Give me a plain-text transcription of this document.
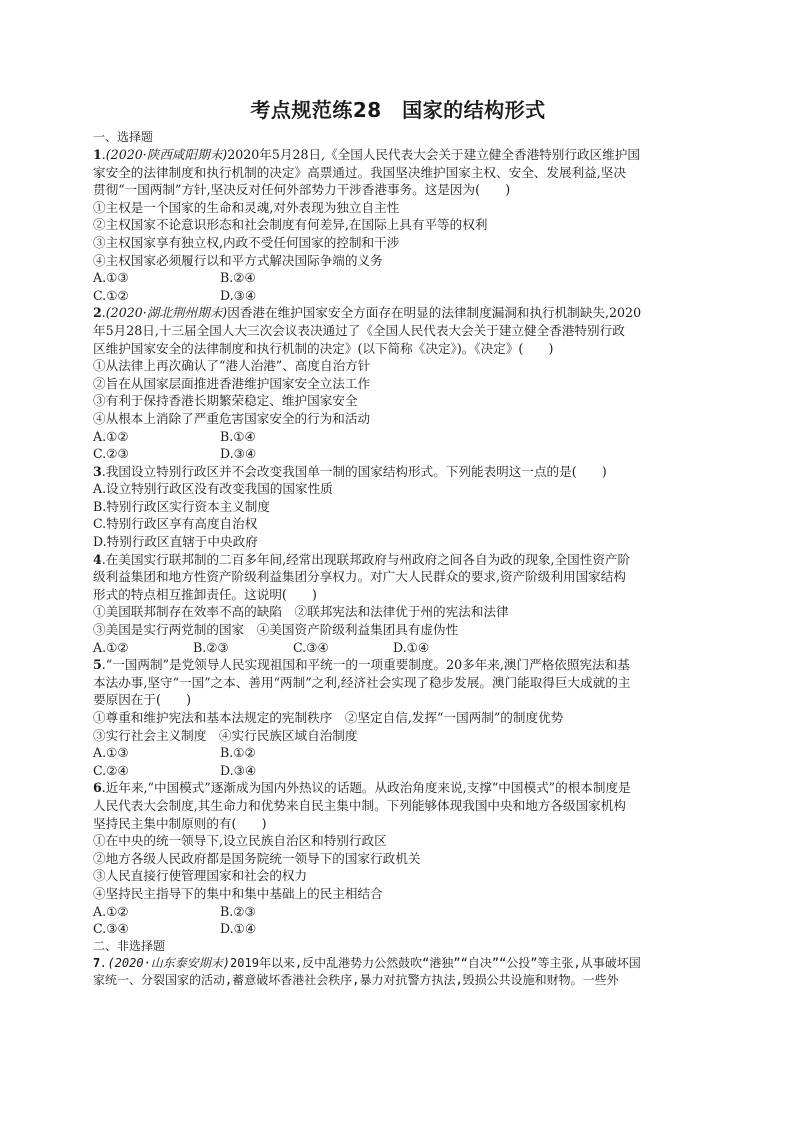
考点规范练28　国家的结构形式
一、选择题
1.(2020·陕西咸阳期末)2020年5月28日,《全国人民代表大会关于建立健全香港特别行政区维护国
家安全的法律制度和执行机制的决定》高票通过。我国坚决维护国家主权、安全、发展利益,坚决
贯彻“一国两制”方针,坚决反对任何外部势力干涉香港事务。这是因为(　　)
①主权是一个国家的生命和灵魂,对外表现为独立自主性
②主权国家不论意识形态和社会制度有何差异,在国际上具有平等的权利
③主权国家享有独立权,内政不受任何国家的控制和干涉
④主权国家必须履行以和平方式解决国际争端的义务
A.①③	B.②④
C.①②	D.③④
2.(2020·湖北荆州期末)因香港在维护国家安全方面存在明显的法律制度漏洞和执行机制缺失,2020
年5月28日,十三届全国人大三次会议表决通过了《全国人民代表大会关于建立健全香港特别行政
区维护国家安全的法律制度和执行机制的决定》(以下简称《决定》)。《决定》(　　)
①从法律上再次确认了“港人治港”、高度自治方针
②旨在从国家层面推进香港维护国家安全立法工作
③有利于保持香港长期繁荣稳定、维护国家安全
④从根本上消除了严重危害国家安全的行为和活动
A.①②	B.①④
C.②③	D.③④
3.我国设立特别行政区并不会改变我国单一制的国家结构形式。下列能表明这一点的是(　　)
A.设立特别行政区没有改变我国的国家性质
B.特别行政区实行资本主义制度
C.特别行政区享有高度自治权
D.特别行政区直辖于中央政府
4.在美国实行联邦制的二百多年间,经常出现联邦政府与州政府之间各自为政的现象,全国性资产阶
级利益集团和地方性资产阶级利益集团分享权力。对广大人民群众的要求,资产阶级利用国家结构
形式的特点相互推卸责任。这说明(　　)
①美国联邦制存在效率不高的缺陷　②联邦宪法和法律优于州的宪法和法律
③美国是实行两党制的国家　④美国资产阶级利益集团具有虚伪性
A.①②	B.②③	C.③④	D.①④
5.“一国两制”是党领导人民实现祖国和平统一的一项重要制度。20多年来,澳门严格依照宪法和基
本法办事,坚守“一国”之本、善用“两制”之利,经济社会实现了稳步发展。澳门能取得巨大成就的主
要原因在于(　　)
①尊重和维护宪法和基本法规定的宪制秩序　②坚定自信,发挥“一国两制”的制度优势
③实行社会主义制度　④实行民族区域自治制度
A.①③	B.①②
C.②④	D.③④
6.近年来,“中国模式”逐渐成为国内外热议的话题。从政治角度来说,支撑“中国模式”的根本制度是
人民代表大会制度,其生命力和优势来自民主集中制。下列能够体现我国中央和地方各级国家机构
坚持民主集中制原则的有(　　)
①在中央的统一领导下,设立民族自治区和特别行政区
②地方各级人民政府都是国务院统一领导下的国家行政机关
③人民直接行使管理国家和社会的权力
④坚持民主指导下的集中和集中基础上的民主相结合
A.①②	B.②③
C.③④	D.①④
二、非选择题
7.(2020·山东泰安期末)2019年以来,反中乱港势力公然鼓吹“港独”“自决”“公投”等主张,从事破坏国
家统一、分裂国家的活动,蓄意破坏香港社会秩序,暴力对抗警方执法,毁损公共设施和财物。一些外
